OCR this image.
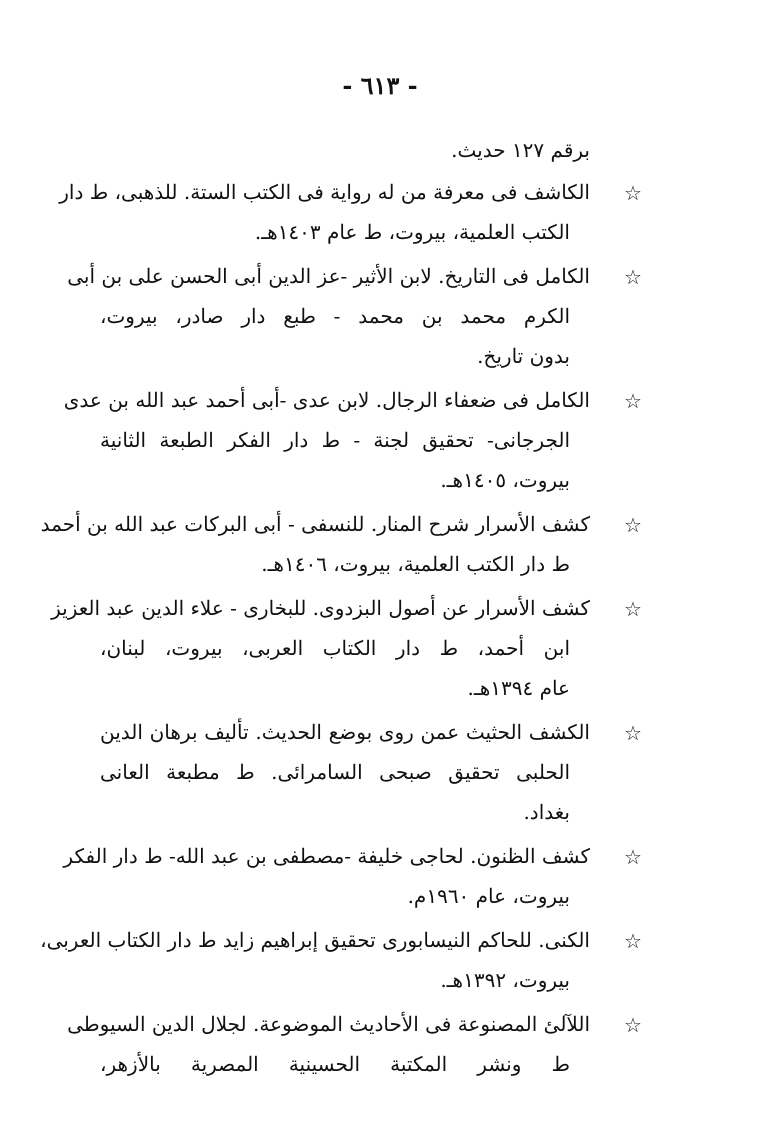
- ٦١٣ -
برقم ١٢٧ حديث.
☆
الكاشف فى معرفة من له رواية فى الكتب الستة. للذهبى، ط دار
الكتب العلمية، بيروت، ط عام ١٤٠٣هـ.
☆
الكامل فى التاريخ. لابن الأثير -عز الدين أبى الحسن على بن أبى
الكرم محمد بن محمد - طبع دار صادر، بيروت،
بدون تاريخ.
☆
الكامل فى ضعفاء الرجال. لابن عدى -أبى أحمد عبد الله بن عدى
الجرجانى- تحقيق لجنة - ط دار الفكر الطبعة الثانية
بيروت، ١٤٠٥هـ.
☆
كشف الأسرار شرح المنار. للنسفى - أبى البركات عبد الله بن أحمد
ط دار الكتب العلمية، بيروت، ١٤٠٦هـ.
☆
كشف الأسرار عن أصول البزدوى. للبخارى - علاء الدين عبد العزيز
ابن أحمد، ط دار الكتاب العربى، بيروت، لبنان،
عام ١٣٩٤هـ.
☆
الكشف الحثيث عمن روى بوضع الحديث. تأليف برهان الدين
الحلبى تحقيق صبحى السامرائى. ط مطبعة العانى
بغداد.
☆
كشف الظنون. لحاجى خليفة -مصطفى بن عبد الله- ط دار الفكر
بيروت، عام ١٩٦٠م.
☆
الكنى. للحاكم النيسابورى تحقيق إبراهيم زايد ط دار الكتاب العربى،
بيروت، ١٣٩٢هـ.
☆
اللآلئ المصنوعة فى الأحاديث الموضوعة. لجلال الدين السيوطى
ط ونشر المكتبة الحسينية المصرية بالأزهر،
